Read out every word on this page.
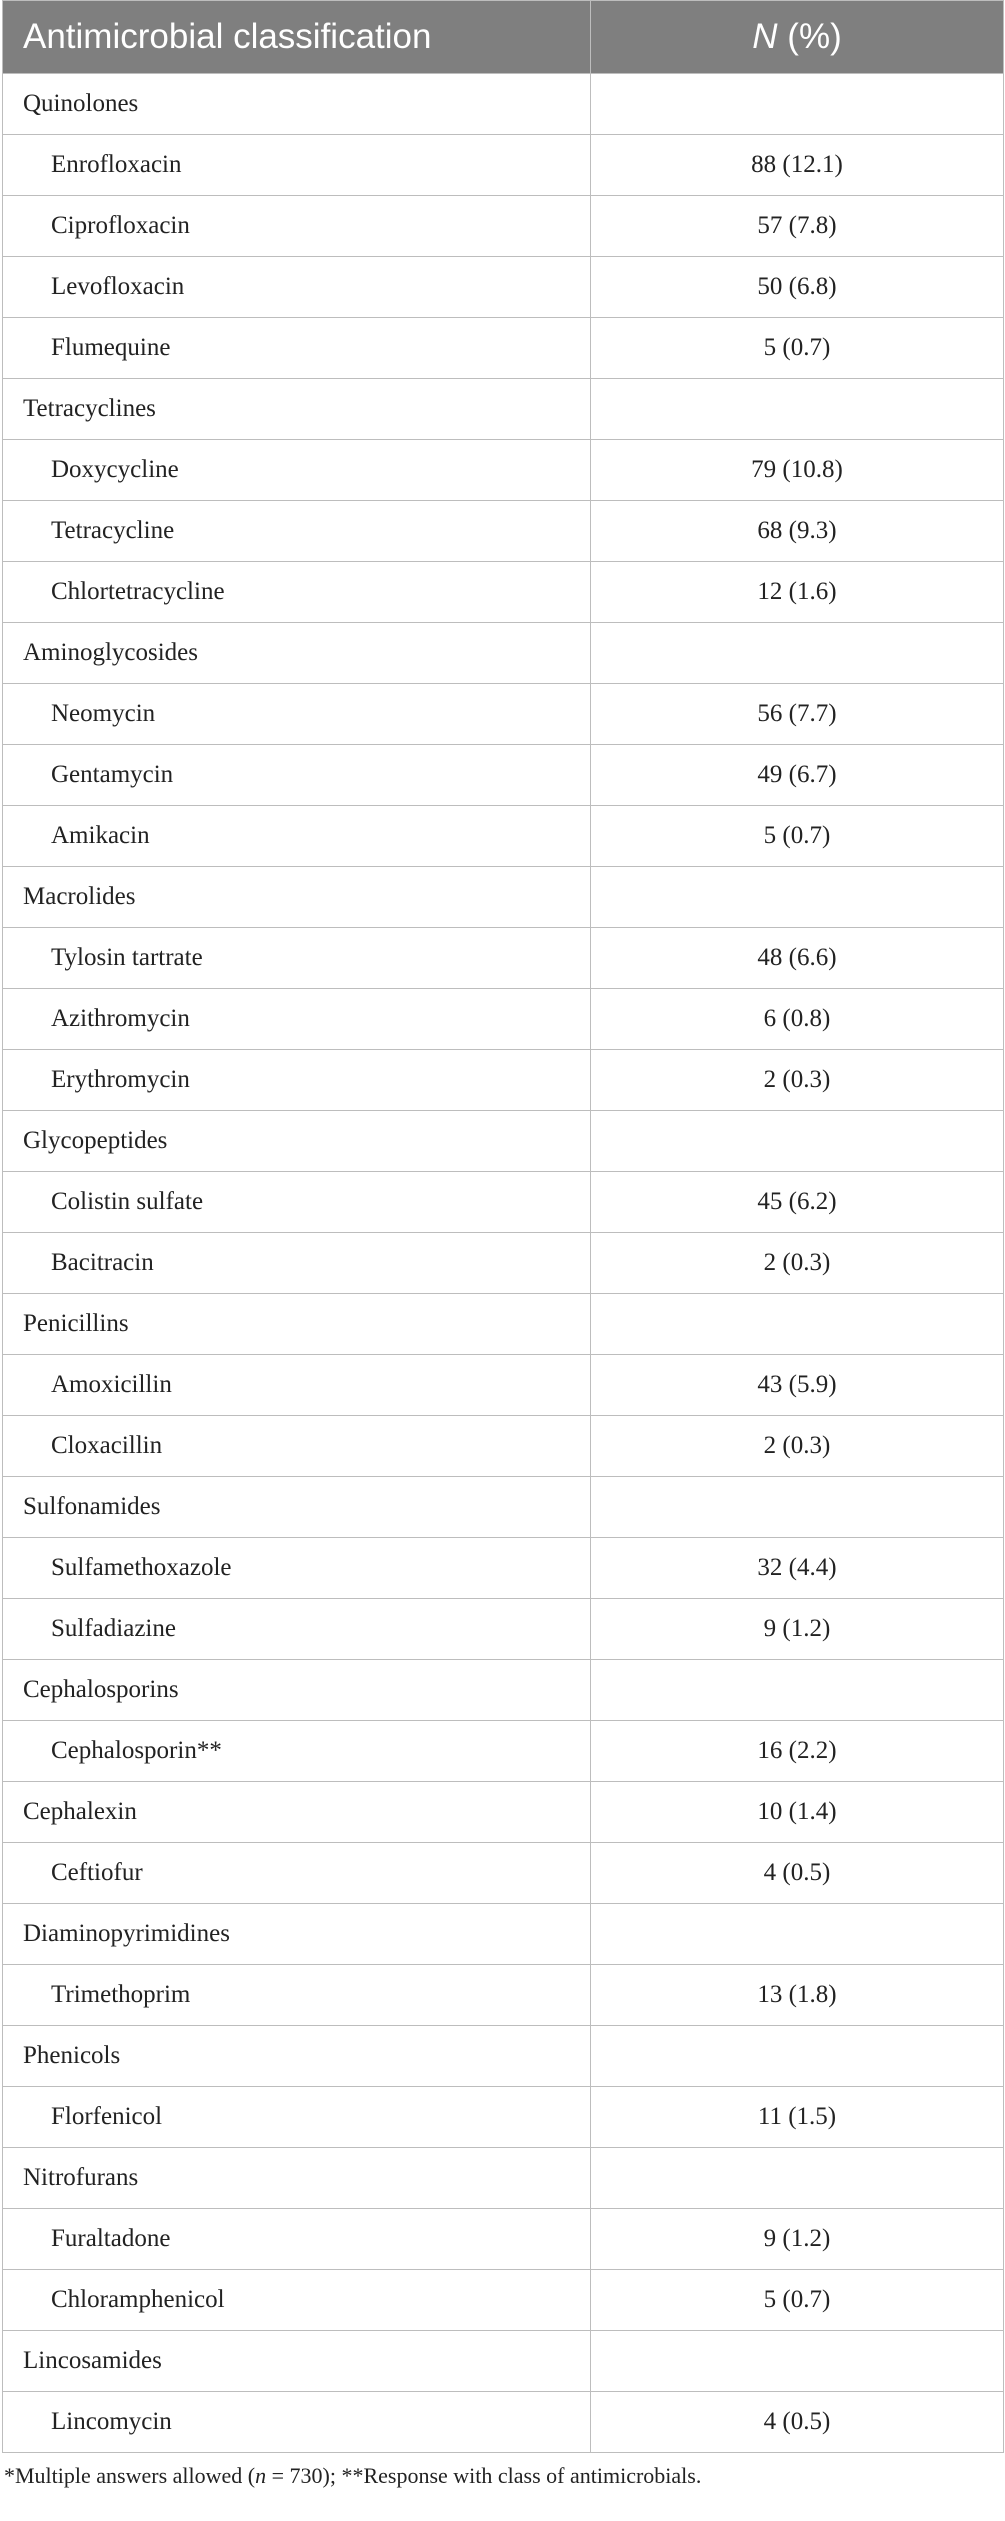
Antimicrobial classification	N (%)
Quinolones	
Enrofloxacin	88 (12.1)
Ciprofloxacin	57 (7.8)
Levofloxacin	50 (6.8)
Flumequine	5 (0.7)
Tetracyclines	
Doxycycline	79 (10.8)
Tetracycline	68 (9.3)
Chlortetracycline	12 (1.6)
Aminoglycosides	
Neomycin	56 (7.7)
Gentamycin	49 (6.7)
Amikacin	5 (0.7)
Macrolides	
Tylosin tartrate	48 (6.6)
Azithromycin	6 (0.8)
Erythromycin	2 (0.3)
Glycopeptides	
Colistin sulfate	45 (6.2)
Bacitracin	2 (0.3)
Penicillins	
Amoxicillin	43 (5.9)
Cloxacillin	2 (0.3)
Sulfonamides	
Sulfamethoxazole	32 (4.4)
Sulfadiazine	9 (1.2)
Cephalosporins	
Cephalosporin**	16 (2.2)
Cephalexin	10 (1.4)
Ceftiofur	4 (0.5)
Diaminopyrimidines	
Trimethoprim	13 (1.8)
Phenicols	
Florfenicol	11 (1.5)
Nitrofurans	
Furaltadone	9 (1.2)
Chloramphenicol	5 (0.7)
Lincosamides	
Lincomycin	4 (0.5)
*Multiple answers allowed (n = 730); **Response with class of antimicrobials.
